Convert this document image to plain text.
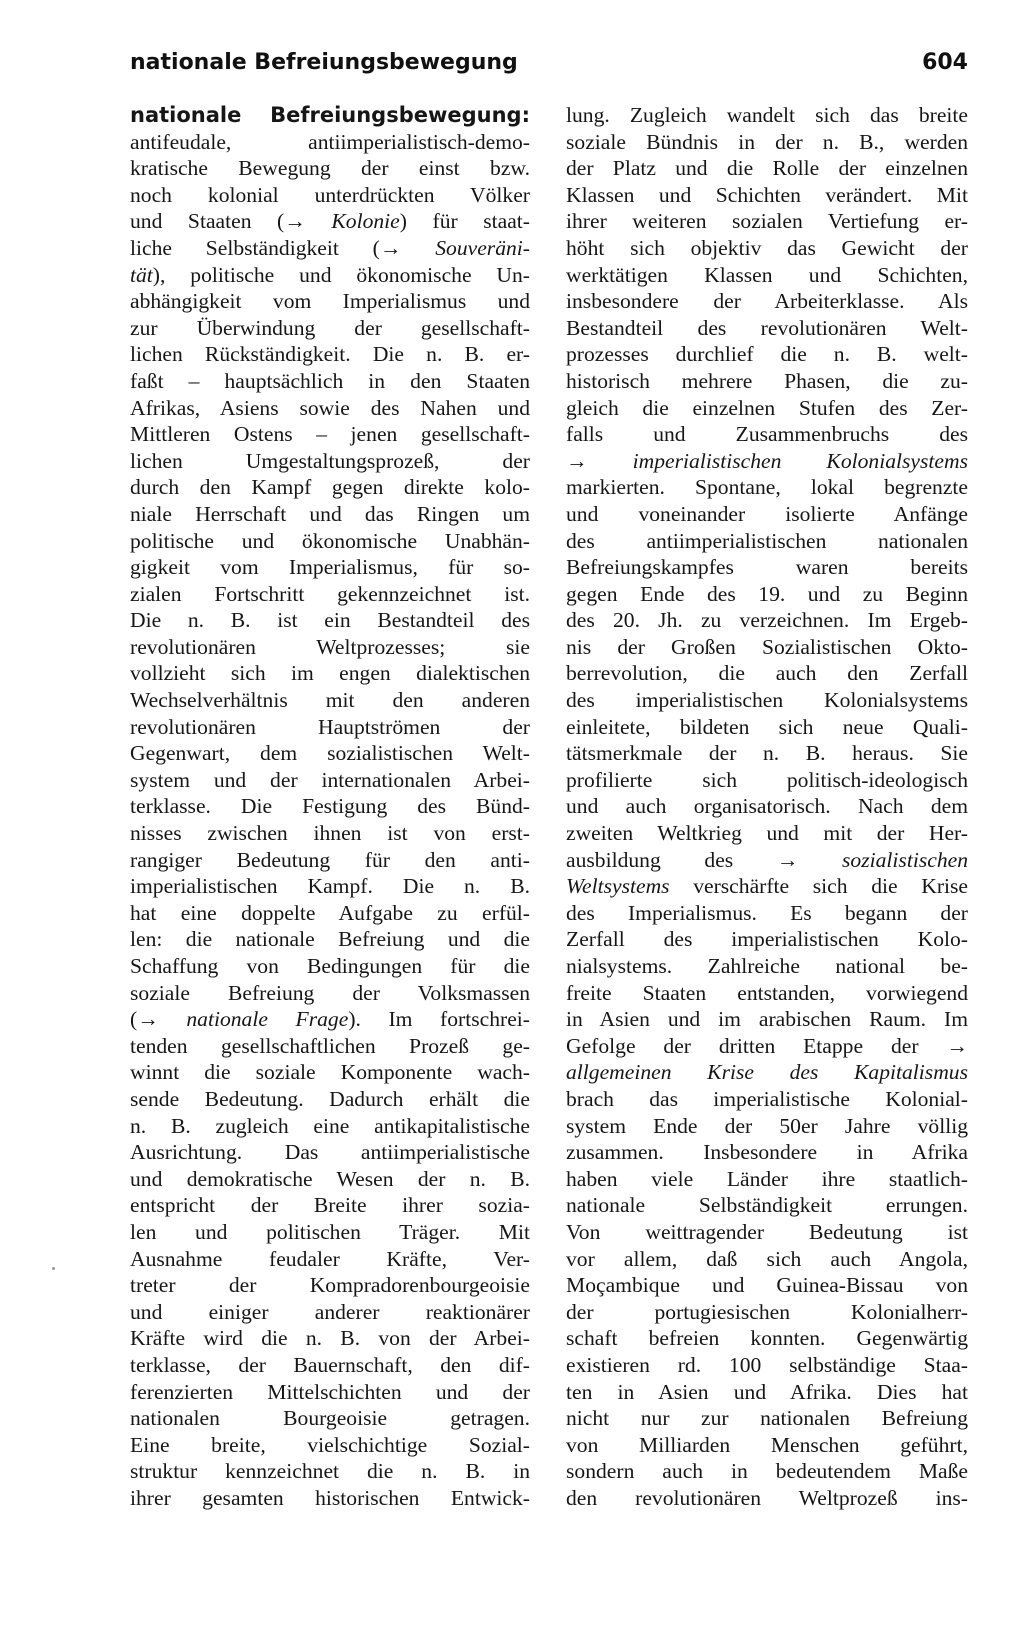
nationale Befreiungsbewegung	604
nationale Befreiungsbewegung:
antifeudale, antiimperialistisch-demo-
kratische Bewegung der einst bzw.
noch kolonial unterdrückten Völker
und Staaten (→ Kolonie) für staat-
liche Selbständigkeit (→ Souveräni-
tät), politische und ökonomische Un-
abhängigkeit vom Imperialismus und
zur Überwindung der gesellschaft-
lichen Rückständigkeit. Die n. B. er-
faßt – hauptsächlich in den Staaten
Afrikas, Asiens sowie des Nahen und
Mittleren Ostens – jenen gesellschaft-
lichen Umgestaltungsprozeß, der
durch den Kampf gegen direkte kolo-
niale Herrschaft und das Ringen um
politische und ökonomische Unabhän-
gigkeit vom Imperialismus, für so-
zialen Fortschritt gekennzeichnet ist.
Die n. B. ist ein Bestandteil des
revolutionären Weltprozesses; sie
vollzieht sich im engen dialektischen
Wechselverhältnis mit den anderen
revolutionären Hauptströmen der
Gegenwart, dem sozialistischen Welt-
system und der internationalen Arbei-
terklasse. Die Festigung des Bünd-
nisses zwischen ihnen ist von erst-
rangiger Bedeutung für den anti-
imperialistischen Kampf. Die n. B.
hat eine doppelte Aufgabe zu erfül-
len: die nationale Befreiung und die
Schaffung von Bedingungen für die
soziale Befreiung der Volksmassen
(→ nationale Frage). Im fortschrei-
tenden gesellschaftlichen Prozeß ge-
winnt die soziale Komponente wach-
sende Bedeutung. Dadurch erhält die
n. B. zugleich eine antikapitalistische
Ausrichtung. Das antiimperialistische
und demokratische Wesen der n. B.
entspricht der Breite ihrer sozia-
len und politischen Träger. Mit
Ausnahme feudaler Kräfte, Ver-
treter der Kompradorenbourgeoisie
und einiger anderer reaktionärer
Kräfte wird die n. B. von der Arbei-
terklasse, der Bauernschaft, den dif-
ferenzierten Mittelschichten und der
nationalen Bourgeoisie getragen.
Eine breite, vielschichtige Sozial-
struktur kennzeichnet die n. B. in
ihrer gesamten historischen Entwick-
lung. Zugleich wandelt sich das breite
soziale Bündnis in der n. B., werden
der Platz und die Rolle der einzelnen
Klassen und Schichten verändert. Mit
ihrer weiteren sozialen Vertiefung er-
höht sich objektiv das Gewicht der
werktätigen Klassen und Schichten,
insbesondere der Arbeiterklasse. Als
Bestandteil des revolutionären Welt-
prozesses durchlief die n. B. welt-
historisch mehrere Phasen, die zu-
gleich die einzelnen Stufen des Zer-
falls und Zusammenbruchs des
→ imperialistischen Kolonialsystems
markierten. Spontane, lokal begrenzte
und voneinander isolierte Anfänge
des antiimperialistischen nationalen
Befreiungskampfes waren bereits
gegen Ende des 19. und zu Beginn
des 20. Jh. zu verzeichnen. Im Ergeb-
nis der Großen Sozialistischen Okto-
berrevolution, die auch den Zerfall
des imperialistischen Kolonialsystems
einleitete, bildeten sich neue Quali-
tätsmerkmale der n. B. heraus. Sie
profilierte sich politisch-ideologisch
und auch organisatorisch. Nach dem
zweiten Weltkrieg und mit der Her-
ausbildung des → sozialistischen
Weltsystems verschärfte sich die Krise
des Imperialismus. Es begann der
Zerfall des imperialistischen Kolo-
nialsystems. Zahlreiche national be-
freite Staaten entstanden, vorwiegend
in Asien und im arabischen Raum. Im
Gefolge der dritten Etappe der →
allgemeinen Krise des Kapitalismus
brach das imperialistische Kolonial-
system Ende der 50er Jahre völlig
zusammen. Insbesondere in Afrika
haben viele Länder ihre staatlich-
nationale Selbständigkeit errungen.
Von weittragender Bedeutung ist
vor allem, daß sich auch Angola,
Moçambique und Guinea-Bissau von
der portugiesischen Kolonialherr-
schaft befreien konnten. Gegenwärtig
existieren rd. 100 selbständige Staa-
ten in Asien und Afrika. Dies hat
nicht nur zur nationalen Befreiung
von Milliarden Menschen geführt,
sondern auch in bedeutendem Maße
den revolutionären Weltprozeß ins-
